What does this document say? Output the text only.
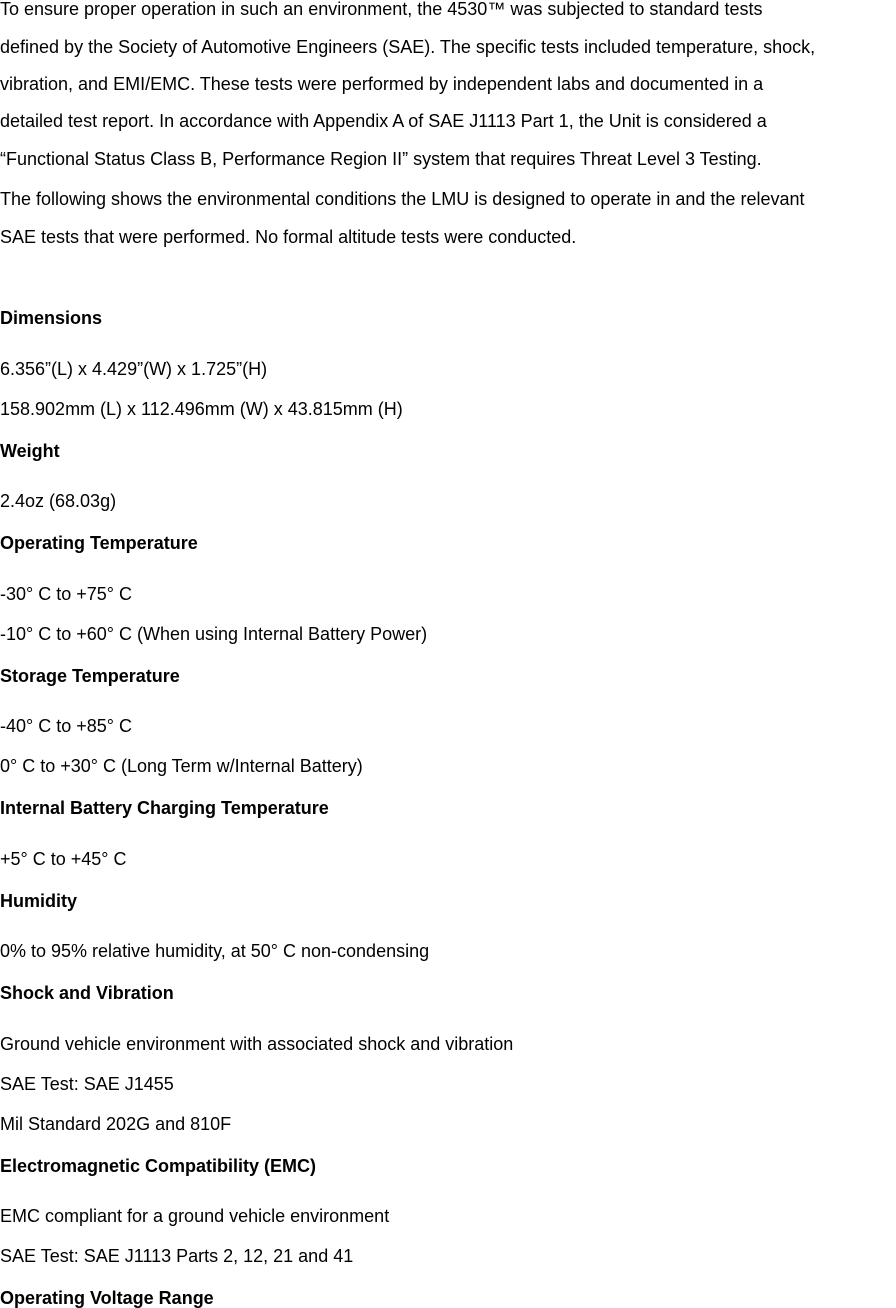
To ensure proper operation in such an environment, the 4530™ was subjected to standard tests
defined by the Society of Automotive Engineers (SAE). The specific tests included temperature, shock,
vibration, and EMI/EMC. These tests were performed by independent labs and documented in a
detailed test report. In accordance with Appendix A of SAE J1113 Part 1, the Unit is considered a
“Functional Status Class B, Performance Region II” system that requires Threat Level 3 Testing.
The following shows the environmental conditions the LMU is designed to operate in and the relevant
SAE tests that were performed. No formal altitude tests were conducted.
Dimensions
6.356”(L) x 4.429”(W) x 1.725”(H)
158.902mm (L) x 112.496mm (W) x 43.815mm (H)
Weight
2.4oz (68.03g)
Operating Temperature
-30° C to +75° C
-10° C to +60° C (When using Internal Battery Power)
Storage Temperature
-40° C to +85° C
0° C to +30° C (Long Term w/Internal Battery)
Internal Battery Charging Temperature
+5° C to +45° C
Humidity
0% to 95% relative humidity, at 50° C non-condensing
Shock and Vibration
Ground vehicle environment with associated shock and vibration
SAE Test: SAE J1455
Mil Standard 202G and 810F
Electromagnetic Compatibility (EMC)
EMC compliant for a ground vehicle environment
SAE Test: SAE J1113 Parts 2, 12, 21 and 41
Operating Voltage Range
